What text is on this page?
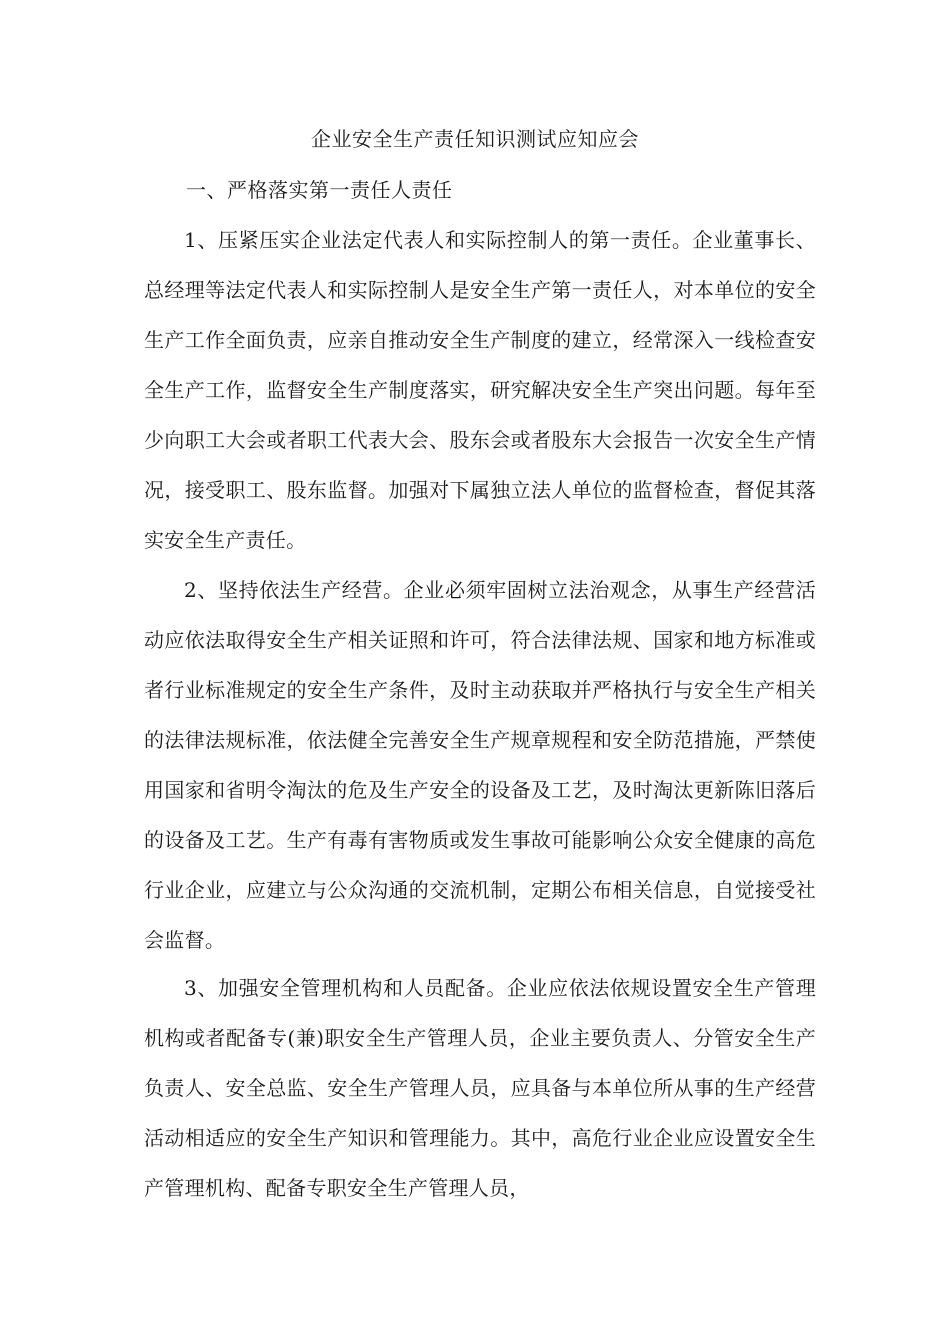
企业安全生产责任知识测试应知应会
一、严格落实第一责任人责任

1、压紧压实企业法定代表人和实际控制人的第一责任。企业董事长、总经理等法定代表人和实际控制人是安全生产第一责任人，对本单位的安全生产工作全面负责，应亲自推动安全生产制度的建立，经常深入一线检查安全生产工作，监督安全生产制度落实，研究解决安全生产突出问题。每年至少向职工大会或者职工代表大会、股东会或者股东大会报告一次安全生产情况，接受职工、股东监督。加强对下属独立法人单位的监督检查，督促其落实安全生产责任。

2、坚持依法生产经营。企业必须牢固树立法治观念，从事生产经营活动应依法取得安全生产相关证照和许可，符合法律法规、国家和地方标准或者行业标准规定的安全生产条件，及时主动获取并严格执行与安全生产相关的法律法规标准，依法健全完善安全生产规章规程和安全防范措施，严禁使用国家和省明令淘汰的危及生产安全的设备及工艺，及时淘汰更新陈旧落后的设备及工艺。生产有毒有害物质或发生事故可能影响公众安全健康的高危行业企业，应建立与公众沟通的交流机制，定期公布相关信息，自觉接受社会监督。

3、加强安全管理机构和人员配备。企业应依法依规设置安全生产管理机构或者配备专(兼)职安全生产管理人员，企业主要负责人、分管安全生产负责人、安全总监、安全生产管理人员，应具备与本单位所从事的生产经营活动相适应的安全生产知识和管理能力。其中，高危行业企业应设置安全生产管理机构、配备专职安全生产管理人员，
